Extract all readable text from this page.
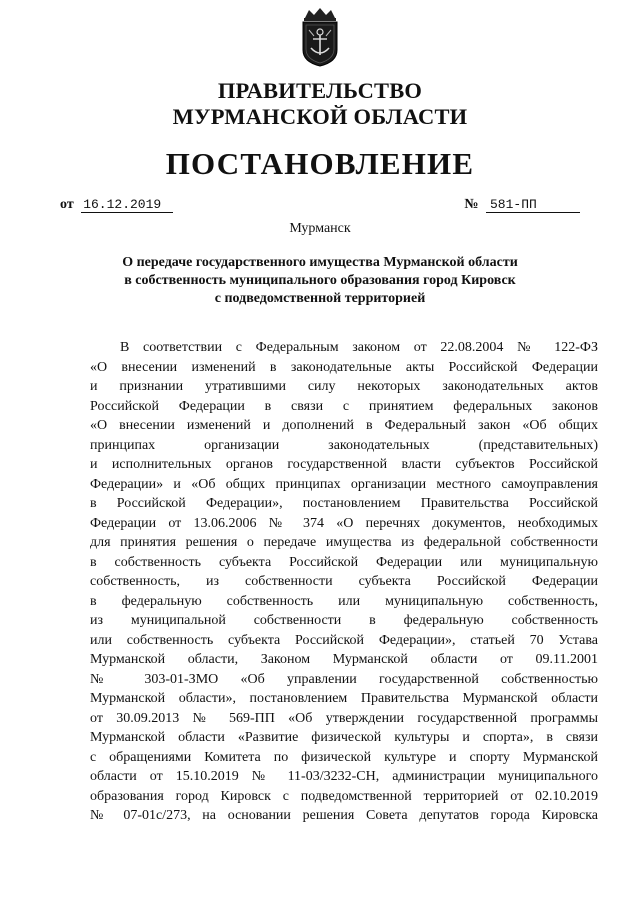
ПРАВИТЕЛЬСТВО
МУРМАНСКОЙ ОБЛАСТИ
ПОСТАНОВЛЕНИЕ
от 16.12.2019	№ 581-ПП
Мурманск
О передаче государственного имущества Мурманской области
в собственность муниципального образования город Кировск
с подведомственной территорией
В соответствии с Федеральным законом от 22.08.2004 № 122-ФЗ
«О внесении изменений в законодательные акты Российской Федерации
и признании утратившими силу некоторых законодательных актов
Российской Федерации в связи с принятием федеральных законов
«О внесении изменений и дополнений в Федеральный закон «Об общих
принципах организации законодательных (представительных)
и исполнительных органов государственной власти субъектов Российской
Федерации» и «Об общих принципах организации местного самоуправления
в Российской Федерации», постановлением Правительства Российской
Федерации от 13.06.2006 № 374 «О перечнях документов, необходимых
для принятия решения о передаче имущества из федеральной собственности
в собственность субъекта Российской Федерации или муниципальную
собственность, из собственности субъекта Российской Федерации
в федеральную собственность или муниципальную собственность,
из муниципальной собственности в федеральную собственность
или собственность субъекта Российской Федерации», статьей 70 Устава
Мурманской области, Законом Мурманской области от 09.11.2001
№ 303-01-ЗМО «Об управлении государственной собственностью
Мурманской области», постановлением Правительства Мурманской области
от 30.09.2013 № 569-ПП «Об утверждении государственной программы
Мурманской области «Развитие физической культуры и спорта», в связи
с обращениями Комитета по физической культуре и спорту Мурманской
области от 15.10.2019 № 11-03/3232-СН, администрации муниципального
образования город Кировск с подведомственной территорией от 02.10.2019
№ 07-01с/273, на основании решения Совета депутатов города Кировска
